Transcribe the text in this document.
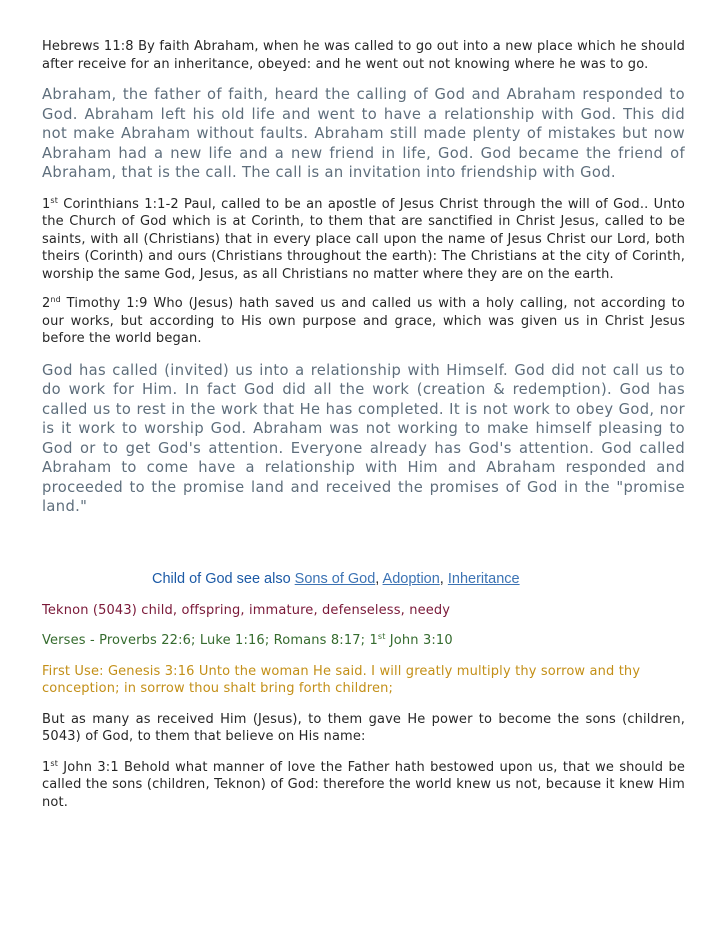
Hebrews 11:8 By faith Abraham, when he was called to go out into a new place which he should after receive for an inheritance, obeyed: and he went out not knowing where he was to go.

Abraham, the father of faith, heard the calling of God and Abraham responded to God. Abraham left his old life and went to have a relationship with God. This did not make Abraham without faults. Abraham still made plenty of mistakes but now Abraham had a new life and a new friend in life, God. God became the friend of Abraham, that is the call. The call is an invitation into friendship with God.

1st Corinthians 1:1-2 Paul, called to be an apostle of Jesus Christ through the will of God.. Unto the Church of God which is at Corinth, to them that are sanctified in Christ Jesus, called to be saints, with all (Christians) that in every place call upon the name of Jesus Christ our Lord, both theirs (Corinth) and ours (Christians throughout the earth): The Christians at the city of Corinth, worship the same God, Jesus, as all Christians no matter where they are on the earth.

2nd Timothy 1:9 Who (Jesus) hath saved us and called us with a holy calling, not according to our works, but according to His own purpose and grace, which was given us in Christ Jesus before the world began.

God has called (invited) us into a relationship with Himself. God did not call us to do work for Him. In fact God did all the work (creation & redemption). God has called us to rest in the work that He has completed. It is not work to obey God, nor is it work to worship God. Abraham was not working to make himself pleasing to God or to get God's attention. Everyone already has God's attention. God called Abraham to come have a relationship with Him and Abraham responded and proceeded to the promise land and received the promises of God in the "promise land."

Child of God see also Sons of God, Adoption, Inheritance

Teknon (5043) child, offspring, immature, defenseless, needy

Verses - Proverbs 22:6; Luke 1:16; Romans 8:17; 1st John 3:10

First Use: Genesis 3:16 Unto the woman He said. I will greatly multiply thy sorrow and thy conception; in sorrow thou shalt bring forth children;

But as many as received Him (Jesus), to them gave He power to become the sons (children, 5043) of God, to them that believe on His name:

1st John 3:1 Behold what manner of love the Father hath bestowed upon us, that we should be called the sons (children, Teknon) of God: therefore the world knew us not, because it knew Him not.
